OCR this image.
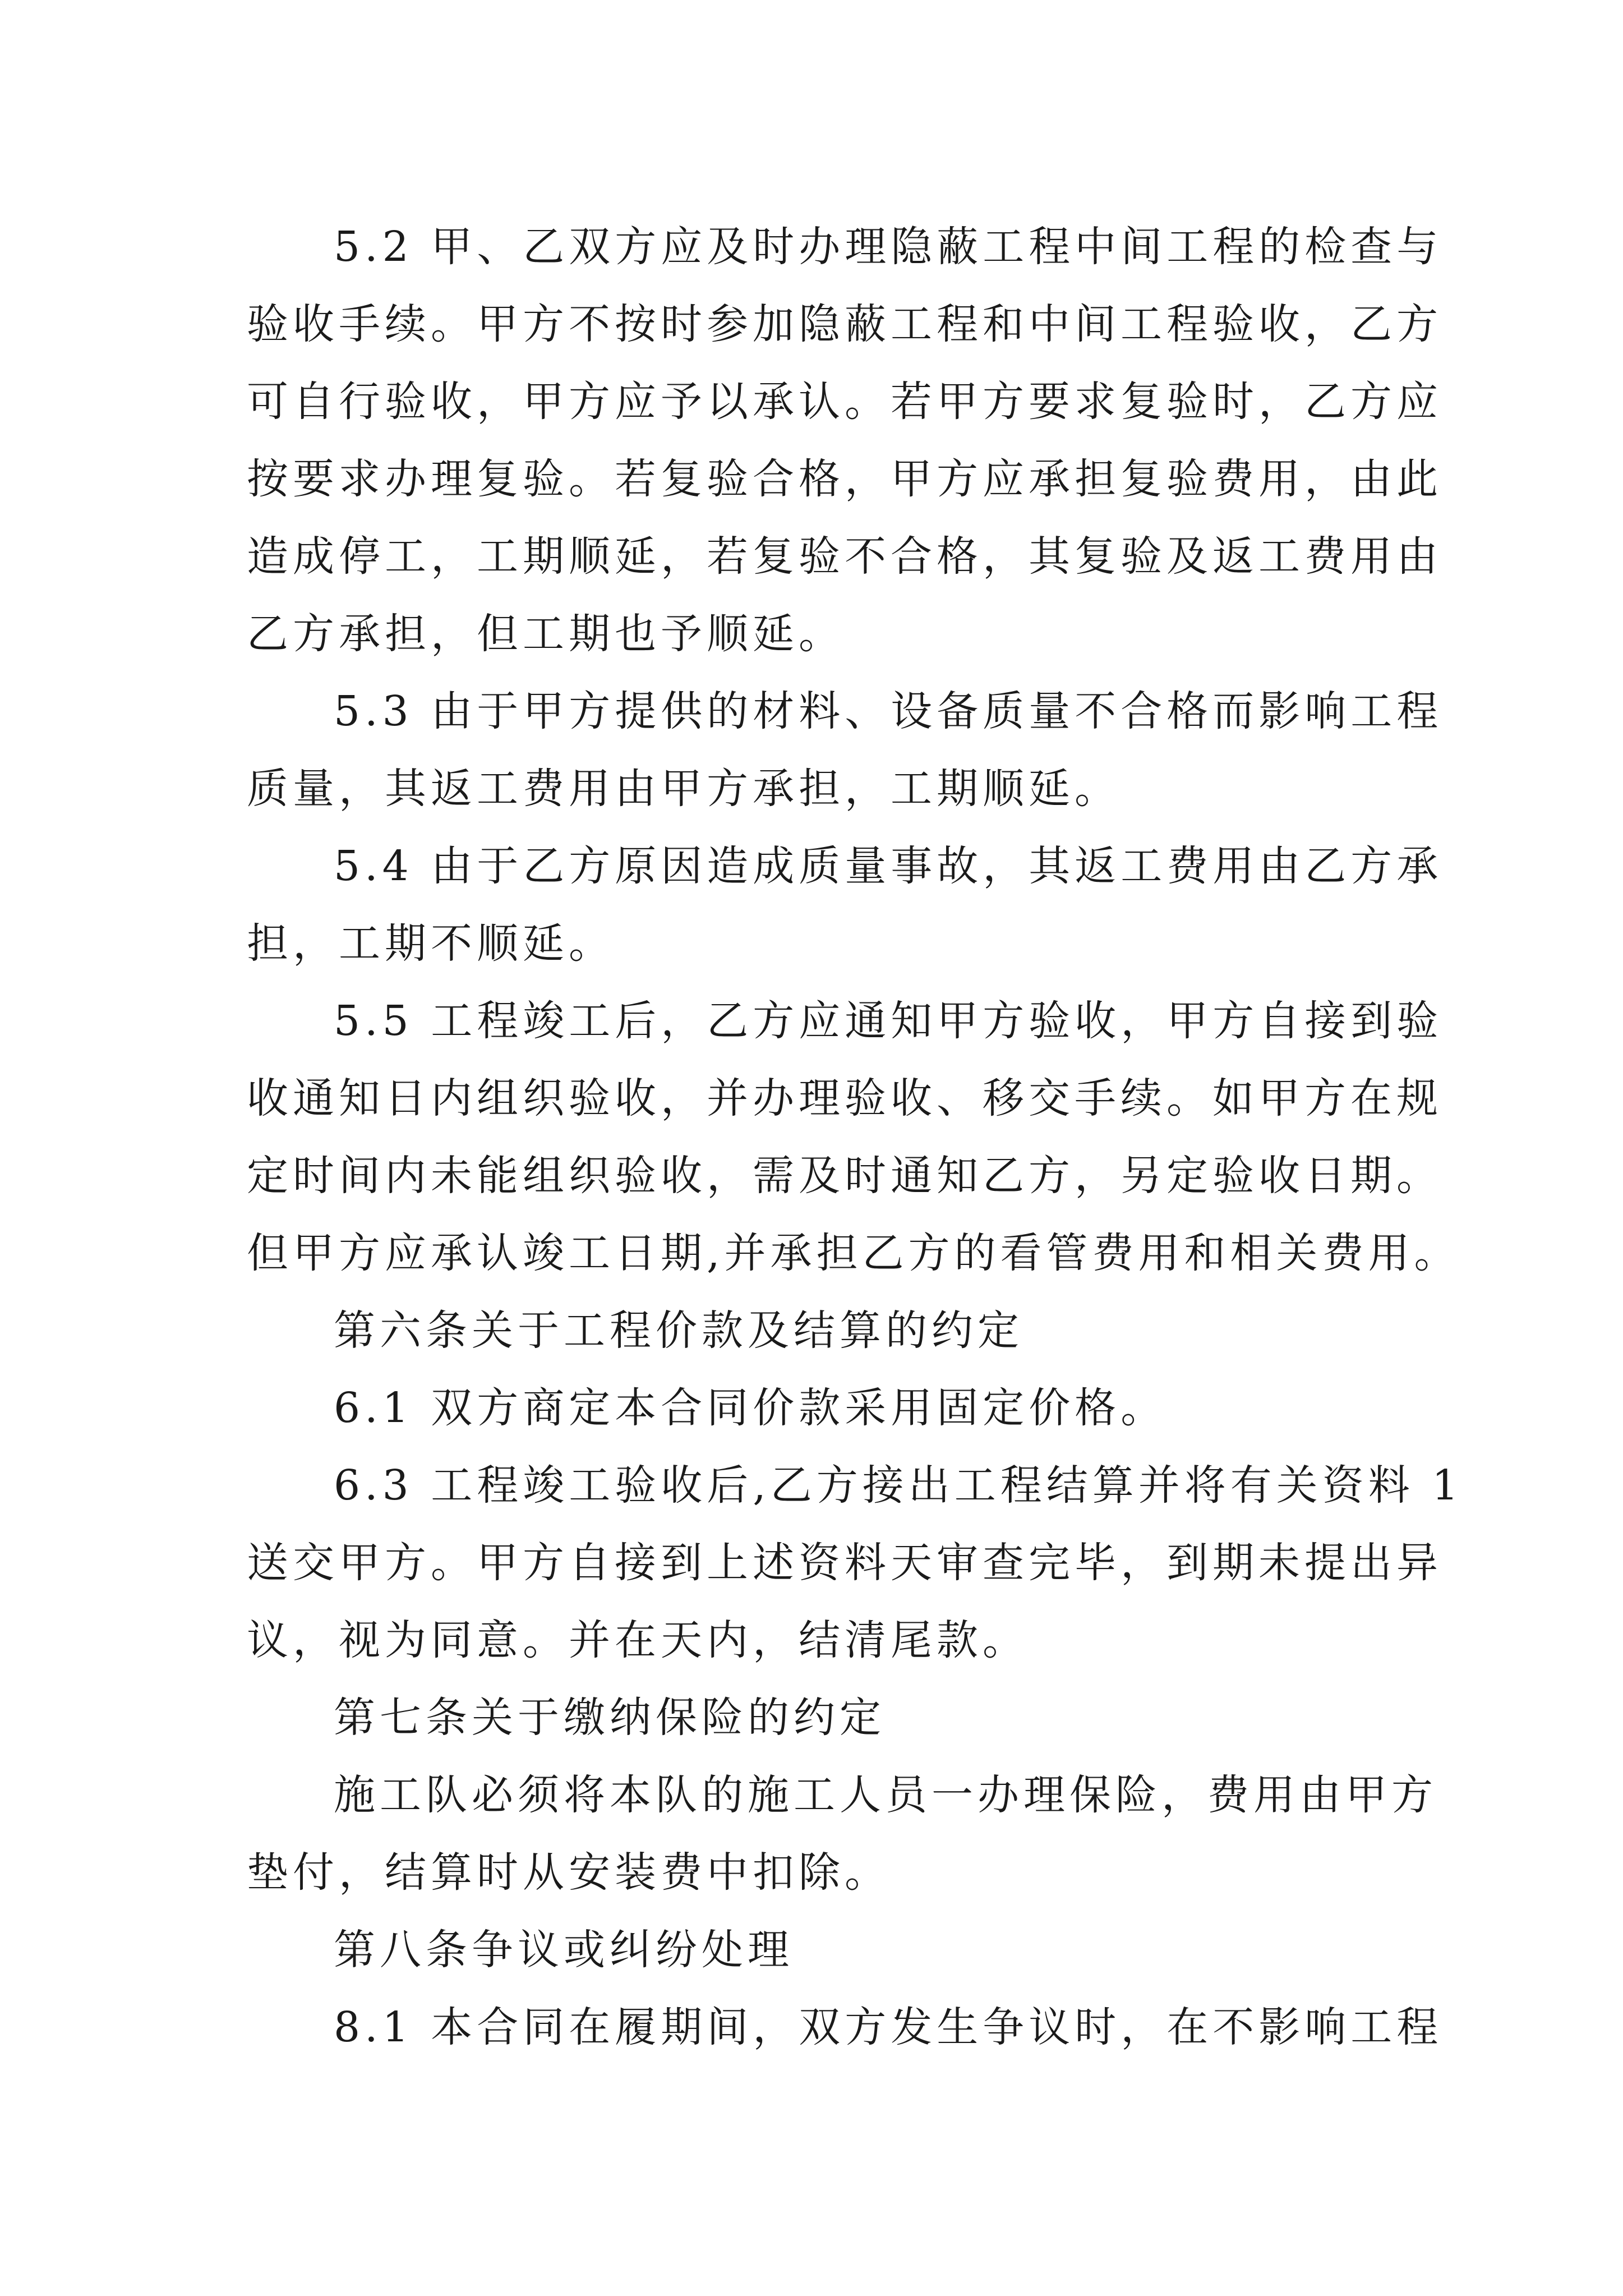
5.2 甲、乙双方应及时办理隐蔽工程中间工程的检查与
验收手续。甲方不按时参加隐蔽工程和中间工程验收，乙方
可自行验收，甲方应予以承认。若甲方要求复验时，乙方应
按要求办理复验。若复验合格，甲方应承担复验费用，由此
造成停工，工期顺延，若复验不合格，其复验及返工费用由
乙方承担，但工期也予顺延。
5.3 由于甲方提供的材料、设备质量不合格而影响工程
质量，其返工费用由甲方承担，工期顺延。
5.4 由于乙方原因造成质量事故，其返工费用由乙方承
担，工期不顺延。
5.5 工程竣工后，乙方应通知甲方验收，甲方自接到验
收通知日内组织验收，并办理验收、移交手续。如甲方在规
定时间内未能组织验收，需及时通知乙方，另定验收日期。
但甲方应承认竣工日期,并承担乙方的看管费用和相关费用。
第六条关于工程价款及结算的约定
6.1 双方商定本合同价款采用固定价格。
6.3 工程竣工验收后,乙方接出工程结算并将有关资料 1
送交甲方。甲方自接到上述资料天审查完毕，到期未提出异
议，视为同意。并在天内，结清尾款。
第七条关于缴纳保险的约定
施工队必须将本队的施工人员一办理保险，费用由甲方
垫付，结算时从安装费中扣除。
第八条争议或纠纷处理
8.1 本合同在履期间，双方发生争议时，在不影响工程
